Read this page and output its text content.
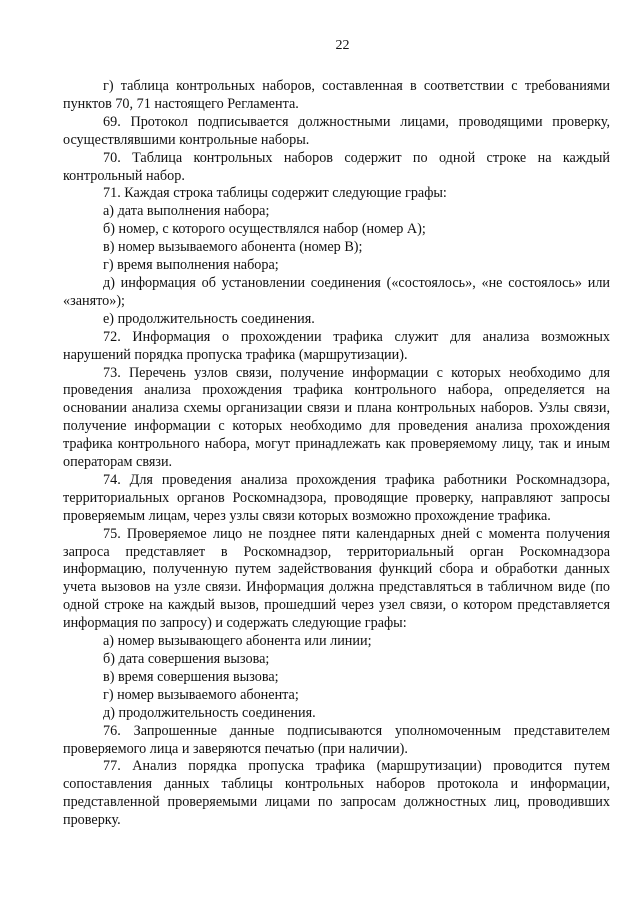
22

г) таблица контрольных наборов, составленная в соответствии с требованиями пунктов 70, 71 настоящего Регламента.

69. Протокол подписывается должностными лицами, проводящими проверку, осуществлявшими контрольные наборы.

70. Таблица контрольных наборов содержит по одной строке на каждый контрольный набор.

71. Каждая строка таблицы содержит следующие графы:

а) дата выполнения набора;

б) номер, с которого осуществлялся набор (номер А);

в) номер вызываемого абонента (номер В);

г) время выполнения набора;

д) информация об установлении соединения («состоялось», «не состоялось» или «занято»);

е) продолжительность соединения.

72. Информация о прохождении трафика служит для анализа возможных нарушений порядка пропуска трафика (маршрутизации).

73. Перечень узлов связи, получение информации с которых необходимо для проведения анализа прохождения трафика контрольного набора, определяется на основании анализа схемы организации связи и плана контрольных наборов. Узлы связи, получение информации с которых необходимо для проведения анализа прохождения трафика контрольного набора, могут принадлежать как проверяемому лицу, так и иным операторам связи.

74. Для проведения анализа прохождения трафика работники Роскомнадзора, территориальных органов Роскомнадзора, проводящие проверку, направляют запросы проверяемым лицам, через узлы связи которых возможно прохождение трафика.

75. Проверяемое лицо не позднее пяти календарных дней с момента получения запроса представляет в Роскомнадзор, территориальный орган Роскомнадзора информацию, полученную путем задействования функций сбора и обработки данных учета вызовов на узле связи. Информация должна представляться в табличном виде (по одной строке на каждый вызов, прошедший через узел связи, о котором представляется информация по запросу) и содержать следующие графы:

а) номер вызывающего абонента или линии;

б) дата совершения вызова;

в) время совершения вызова;

г) номер вызываемого абонента;

д) продолжительность соединения.

76. Запрошенные данные подписываются уполномоченным представителем проверяемого лица и заверяются печатью (при наличии).

77. Анализ порядка пропуска трафика (маршрутизации) проводится путем сопоставления данных таблицы контрольных наборов протокола и информации, представленной проверяемыми лицами по запросам должностных лиц, проводивших проверку.
